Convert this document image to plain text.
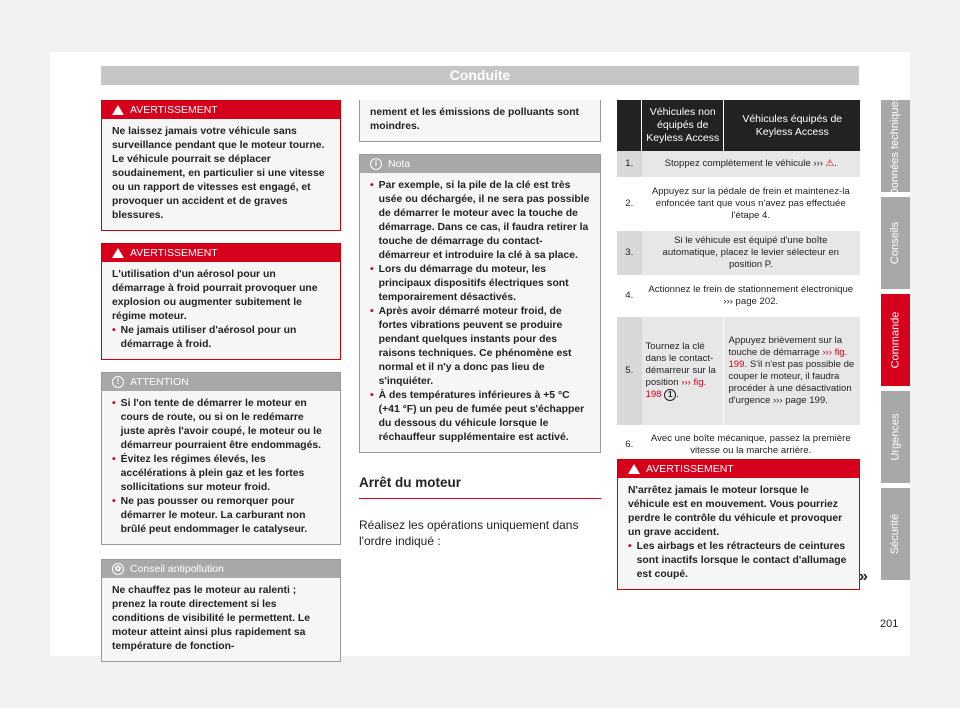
Conduite
AVERTISSEMENT
Ne laissez jamais votre véhicule sans surveillance pendant que le moteur tourne. Le véhicule pourrait se déplacer soudainement, en particulier si une vitesse ou un rapport de vitesses est engagé, et provoquer un accident et de graves blessures.
AVERTISSEMENT
L'utilisation d'un aérosol pour un démarrage à froid pourrait provoquer une explosion ou augmenter subitement le régime moteur.
• Ne jamais utiliser d'aérosol pour un démarrage à froid.
!	ATTENTION
• Si l'on tente de démarrer le moteur en cours de route, ou si on le redémarre juste après l'avoir coupé, le moteur ou le démarreur pourraient être endommagés.
• Évitez les régimes élevés, les accélérations à plein gaz et les fortes sollicitations sur moteur froid.
• Ne pas pousser ou remorquer pour démarrer le moteur. La carburant non brûlé peut endommager le catalyseur.
✿ Conseil antipollution
Ne chauffez pas le moteur au ralenti ; prenez la route directement si les conditions de visibilité le permettent. Le moteur atteint ainsi plus rapidement sa température de fonction-
nement et les émissions de polluants sont moindres.
i	Nota
• Par exemple, si la pile de la clé est très usée ou déchargée, il ne sera pas possible de démarrer le moteur avec la touche de démarrage. Dans ce cas, il faudra retirer la touche de démarrage du contact-démarreur et introduire la clé à sa place.
• Lors du démarrage du moteur, les principaux dispositifs électriques sont temporairement désactivés.
• Après avoir démarré moteur froid, de fortes vibrations peuvent se produire pendant quelques instants pour des raisons techniques. Ce phénomène est normal et il n'y a donc pas lieu de s'inquiéter.
• À des températures inférieures à +5 °C (+41 °F) un peu de fumée peut s'échapper du dessous du véhicule lorsque le réchauffeur supplémentaire est activé.
Arrêt du moteur
Réalisez les opérations uniquement dans l'ordre indiqué :
	Véhicules non équipés de Keyless Access	Véhicules équipés de Keyless Access
1.	Stoppez complètement le véhicule ››› ⚠.	
2.	Appuyez sur la pédale de frein et maintenez-la enfoncée tant que vous n'avez pas effectuée l'étape 4.	
3.	Si le véhicule est équipé d'une boîte automatique, placez le levier sélecteur en position P.	
4.	Actionnez le frein de stationnement électronique ››› page 202.	
5.	Tournez la clé dans le contact-démarreur sur la position ››› fig. 198 1 .	Appuyez brièvement sur la touche de démarrage ››› fig. 199. S'il n'est pas possible de couper le moteur, il faudra procéder à une désactivation d'urgence ››› page 199.
6.	Avec une boîte mécanique, passez la première vitesse ou la marche arrière.	
AVERTISSEMENT
N'arrêtez jamais le moteur lorsque le véhicule est en mouvement. Vous pourriez perdre le contrôle du véhicule et provoquer un grave accident.
• Les airbags et les rétracteurs de ceintures sont inactifs lorsque le contact d'allumage est coupé.	»
Données techniques
Conseils
Commande
Urgences
Sécurité
201
